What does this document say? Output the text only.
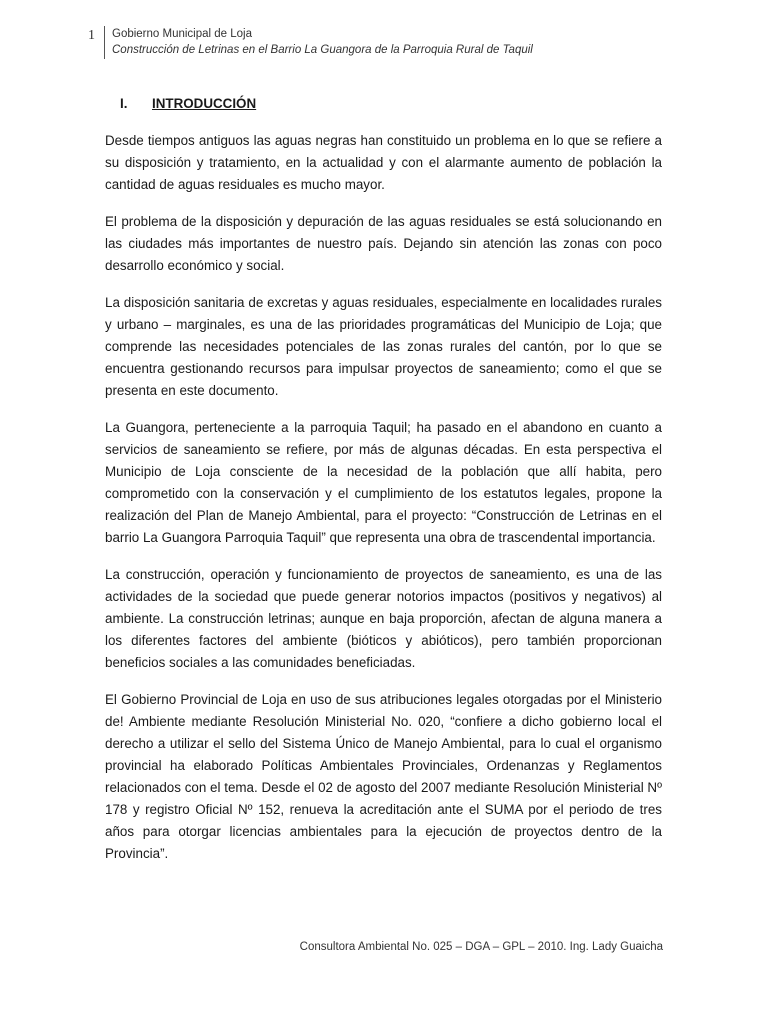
1	Gobierno Municipal de Loja
Construcción de Letrinas en el Barrio La Guangora de la Parroquia Rural de Taquil
I.	INTRODUCCIÓN

Desde tiempos antiguos las aguas negras han constituido un problema en lo que se refiere a su disposición y tratamiento, en la actualidad y con el alarmante aumento de población la cantidad de aguas residuales es mucho mayor.

El problema de la disposición y depuración de las aguas residuales se está solucionando en las ciudades más importantes de nuestro país. Dejando sin atención las zonas con poco desarrollo económico y social.

La disposición sanitaria de excretas y aguas residuales, especialmente en localidades rurales y urbano – marginales, es una de las prioridades programáticas del Municipio de Loja; que comprende las necesidades potenciales de las zonas rurales del cantón, por lo que se encuentra gestionando recursos para impulsar proyectos de saneamiento; como el que se presenta en este documento.

La Guangora, perteneciente a la parroquia Taquil; ha pasado en el abandono en cuanto a servicios de saneamiento se refiere, por más de algunas décadas. En esta perspectiva el Municipio de Loja consciente de la necesidad de la población que allí habita, pero comprometido con la conservación y el cumplimiento de los estatutos legales, propone la realización del Plan de Manejo Ambiental, para el proyecto: “Construcción de Letrinas en el barrio La Guangora Parroquia Taquil” que representa una obra de trascendental importancia.

La construcción, operación y funcionamiento de proyectos de saneamiento, es una de las actividades de la sociedad que puede generar notorios impactos (positivos y negativos) al ambiente. La construcción letrinas; aunque en baja proporción, afectan de alguna manera a los diferentes factores del ambiente (bióticos y abióticos), pero también proporcionan beneficios sociales a las comunidades beneficiadas.

El Gobierno Provincial de Loja en uso de sus atribuciones legales otorgadas por el Ministerio de! Ambiente mediante Resolución Ministerial No. 020, “confiere a dicho gobierno local el derecho a utilizar el sello del Sistema Único de Manejo Ambiental, para lo cual el organismo provincial ha elaborado Políticas Ambientales Provinciales, Ordenanzas y Reglamentos relacionados con el tema. Desde el 02 de agosto del 2007 mediante Resolución Ministerial Nº 178 y registro Oficial Nº 152, renueva la acreditación ante el SUMA por el periodo de tres años para otorgar licencias ambientales para la ejecución de proyectos dentro de la Provincia”.

Consultora Ambiental No. 025 – DGA – GPL – 2010. Ing. Lady Guaicha
